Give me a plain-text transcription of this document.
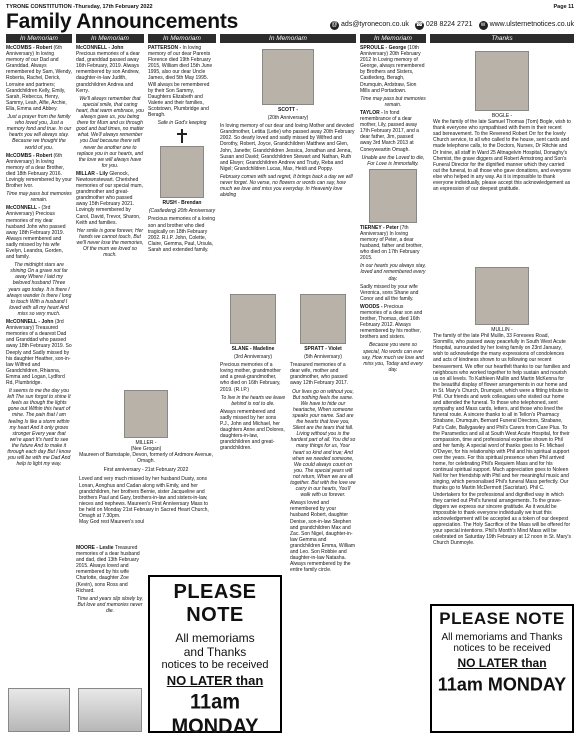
TYRONE CONSTITUTION -Thursday, 17th February 2022	Page 11
Family Announcements	@ ads@tyronecon.co.uk ☎ 028 8224 2721	w www.ulsternetnotices.co.uk
In Memoriam	In Memoriam	In Memoriam	In Memoriam	In Memoriam	Thanks

McCOMBS - Robert (6th Anniversary) In loving memory of our Dad and Granddad. Always remembered by Sam, Wendy, Roberta, Rachel, Derick, Lorraine and partners; Grandchildren Kelly, Emily, Sarah, Rebecca, Henry, Sammy, Leah, Alfie, Archie, Ella, Emma and Abbey.

Just a prayer from the family who loved you, Just a memory fond and true. In our hearts you will always stay. Because we thought the world of you.

McCOMBS - Robert (6th Anniversary) In loving memory of a dear Brother, died 18th February 2016. Lovingly remembered by your Brother Ivor.

Time may pass but memories remain.

McCONNELL - (3rd Anniversary) Precious memories of my dear husband John who passed away 18th February 2019. Always remembered and sadly missed by his wife Evelyn, Leandra, Gorden, and family.

The midnight stars are shining On a grave not far away Where I laid my beloved husband Three years ago today. It is there I always wander Is there I long to touch With a husband I loved with all my heart And miss so very much.

McCONNELL - John (3rd Anniversary) Treasured memories of a dearest Dad and Granddad who passed away 18th February 2019. So Deeply and Sadly missed by his daughter Heather, son-in-law Wilfred and Grandchildren, Rhianna, Emma and Logan, Lydford Rd, Plumbridge.

It seems to me the day you left The sun forgot to shine It feels as though the lights gone out Within this heart of mine. The pain that I am feeling Is like a storm within my heart And it only grows stronger Every year that we're apart It's hard to see the future And to make it through each day But I know you will be with me Dad And help to light my way.

McCONNELL - John Precious memories of a dear dad, granddad passed away 16th February, 2019. Always remembered by son Andrew, daughter-in-law Judith, grandchildren Andrea and Kerry.

We'll always remember that special smile, that caring heart, that warm embrace, you always gave us, you being there for Mum and us through good and bad times, no matter what. We'll always remember you Dad because there will never be another one to replace you in our hearts, and the love we will always have for you.

MILLAR - Lily Glenock, Newtownstewart. Cherished memories of our special mum, grandmother and great-grandmother who passed away 15th February 2021. Lovingly remembered by Carol, David, Trevor, Sharon, Keith and families.

Her smile is gone forever, Her hands we cannot touch, But we'll never lose the memories, Of the mum we loved so much.

PATTERSON - In loving memory of our dear Parents Florence died 19th February 2015, William died 15th June 1995, also our dear Uncle James, died 5th May 1995. Will always be remembered by their Son Sammy, Daughters Elizabeth and Valerie and their families, Scotstown, Plumbridge and Beragh.

Safe in God's keeping

RUSH - Brendan

(Castlederg) 20th Anniversary

Precious memories of a loving son and brother who died tragically on 18th February 2002. R.I.P. John, Colette, Claire, Gemma, Paul, Ursula, Sarah and extended family.

MILLER -

(Nee Grogan)

Maureen of Barnstaple, Devon, formerly of Ardmore Avenue, Omagh.

First anniversary - 21st February 2022

Loved and very much missed by her husband Dusty, sons Lonan, Aonghus and Cadan along with Emily, and her grandchildren, her brothers Bernie, sister Jacqueline and brothers Paul and Gary, brothers-in-law and sisters-in-law, nieces and nephews. Maureen's First Anniversary Mass to be held on Monday 21st February in Sacred Heart Church, Omagh at 7.30pm.

May God rest Maureen's soul

MOORE - Leslie Treasured memories of a dear husband and dad, died 13th February 2015. Always loved and remembered by his wife Charlotte, daughter Zoe (Kevin), sons Ross and Richard.

Time and years slip slowly by, But love and memories never die.

PLEASE NOTE
All memoriams
and Thanks
notices to be received
NO LATER than
11am MONDAY

SCOTT -

(20th Anniversary)

In loving memory of our dear and loving Mother and devoted Grandmother, Letitia (Letie) who passed away 20th February 2002. So dearly loved and sadly missed by Wilfred and Dorothy, Robert, Joyce, Grandchildren Matthew and Glen, John, Janette; Grandchildren Jessica, Jonathan and Jenna, Susan and David; Grandchildren Stewart and Nathan, Ruth and Elwyn; Grandchildren Andrew and Trudy, Reba and Nigel; Grandchildren Lucas, Max, Heidi and Poppy.

February comes with sad regret, It brings back a day we will never forget. No verse, no flowers or words can say, how much we love and miss you everyday. In Heavenly love abiding

SLANE - Madeline

(3rd Anniversary)

Precious memories of a loving mother, grandmother and a great-grandmother, who died on 16th February, 2019. (R.I.P.)

To live in the hearts we leave behind is not to die.

Always remembered and sadly missed by her sons P.J., John and Michael, her daughters Anne and Dolores, daughters-in-law, grandchildren and great-grandchildren.

SPRATT - Violet

(5th Anniversary)

Treasured memories of a dear wife, mother and grandmother, who passed away 12th February 2017.

Our lives go on without you, But nothing feels the same. We have to hide our heartache, When someone speaks your name. Sad are the hearts that love you, Silent are the tears that fall. Living without you is the hardest part of all. You did so many things for us, Your heart so kind and true; And when we needed someone, We could always count on you. The special years will not return, When we are all together. But with the love we carry in our hearts, You'll walk with us forever.

Always loved and remembered by your husband Robert, daughter Denise, son-in-law Stephen and grandchildren Max and Zac. Son Nigel, daughter-in-law Gemma and grandchildren Emma, William and Leo. Son Robbie and daughter-in-law Natasha. Always remembered by the entire family circle.

SPROULE - George (10th Anniversary) 20th February 2012 In Loving memory of George, always remembered by Brothers and Sisters, Castlederg, Beragh, Drumquin, Ardstraw, Sion Mills and Portadown.

Time may pass but memories remain.

TAYLOR - In fond remembrance of a dear mother, Lily, passed away 17th February 2017, and a dear father, Jim, passed away 3rd March 2013 at Coneyweartin Omagh.

Unable are the Loved to die, For Love is Immortality.

TIERNEY - Peter (7th Anniversary) In loving memory of Peter, a dear husband, father and brother, who died on 17th February 2015.

In our hearts you always stay, loved and remembered every day.

Sadly missed by your wife Veronica, sons Shane and Conor and all the family.

WOODS - Precious memories of a dear son and brother, Thomas, died 16th February 2012. Always remembered by his mother, brothers and sisters.

Because you were so special, No words can ever say, How much we love and miss you, Today and every day.

BOGLE -

We the family of the late Samuel Thomas (Tom) Bogle, wish to thank everyone who sympathised with them in their recent sad bereavement. To the Reverend Robert Orr for the lovely Church service, to all who called to the house, sent cards and made telephone calls, to the Doctors, Nurses, Dr Ritchie and Dr Irvine, all staff in Ward 25 Altnagelvin Hospital, Donaghy's Chemist, the grave diggers and Robert Armstrong and Son's Funeral Director for the dignified manner which they carried out the funeral, to all those who gave donations, and everyone else who helped in any way. As it is impossible to thank everyone individually, please accept this acknowledgement as an expression of our deepest gratitude.

MULLIN -

The family of the late Phil Mullin, 33 Foresees Road, Sionmills, who passed away peacefully in South West Acute Hospital, surrounded by her loving family on 23rd January, wish to acknowledge the many expressions of condolences and acts of kindness shown to us following our recent bereavement. We offer our heartfelt thanks to our families and neighbours who worked together to help sustain and nourish us on all levels. To Kathleen Mullin and Martin McKenna for the beautiful display of flower arrangements in our home and in St. Mary's Church, Drumquin, which were a fitting tribute to Phil. Our friends and work colleagues who visited our home and attended the funeral. To those who telephoned, sent sympathy and Mass cards, letters, and those who lined the funeral route. A sincere thanks to all in Tellon's Pharmacy Strabane, Drumquin, Bernard Funeral Directors, Strabane, Pat's Cafe, Ballygawley and Phil's Carers from Care Plus. To the Paramedics and all at South West Acute Hospital, for their compassion, time and professional expertise shown to Phil and her family. A special word of thanks goes to Fr. Michael O'Dwyer, for his relationship with Phil and his spiritual support over the years. For this spiritual presence when Phil arrived home, for celebrating Phil's Requiem Mass and for his continual spiritual support. Much appreciation goes to Noleen Nell for her friendship with Phil and her meaningful music and singing, which personalised Phil's funeral Mass perfectly. Our thanks go to Martin McDermott (Sacristan). Phil C. Undertakers for the professional and dignified way in which they carried out Phil's funeral arrangements. To the grave-diggers we express our sincere gratitude. As it would be impossible to thank everyone individually we trust this acknowledgement will be accepted as a token of our deepest appreciation. The Holy Sacrifice of the Mass will be offered for your special intentions. Phil's Month's Mind Mass will be celebrated on Saturday 19th February at 12 noon in St. Mary's Church Dunmoyle.

PLEASE NOTE
All memoriams and Thanks
notices to be received
NO LATER than
11am MONDAY
